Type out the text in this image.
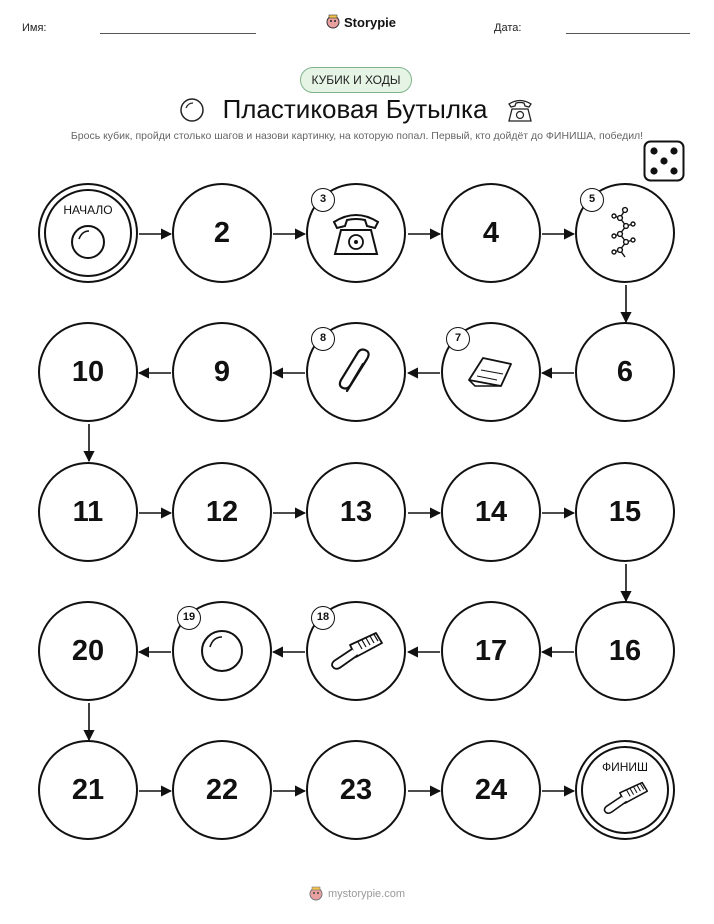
Имя:	Storypie	Дата:
КУБИК И ХОДЫ
Пластиковая Бутылка
Брось кубик, пройди столько шагов и назови картинку, на которую попал. Первый, кто дойдёт до ФИНИША, победил!
НАЧАЛО
2
3
4
5
10	9
8	7
6
11	12	13	14	15
20
19	18
17	16
21	22	23	24
ФИНИШ
mystorypie.com
